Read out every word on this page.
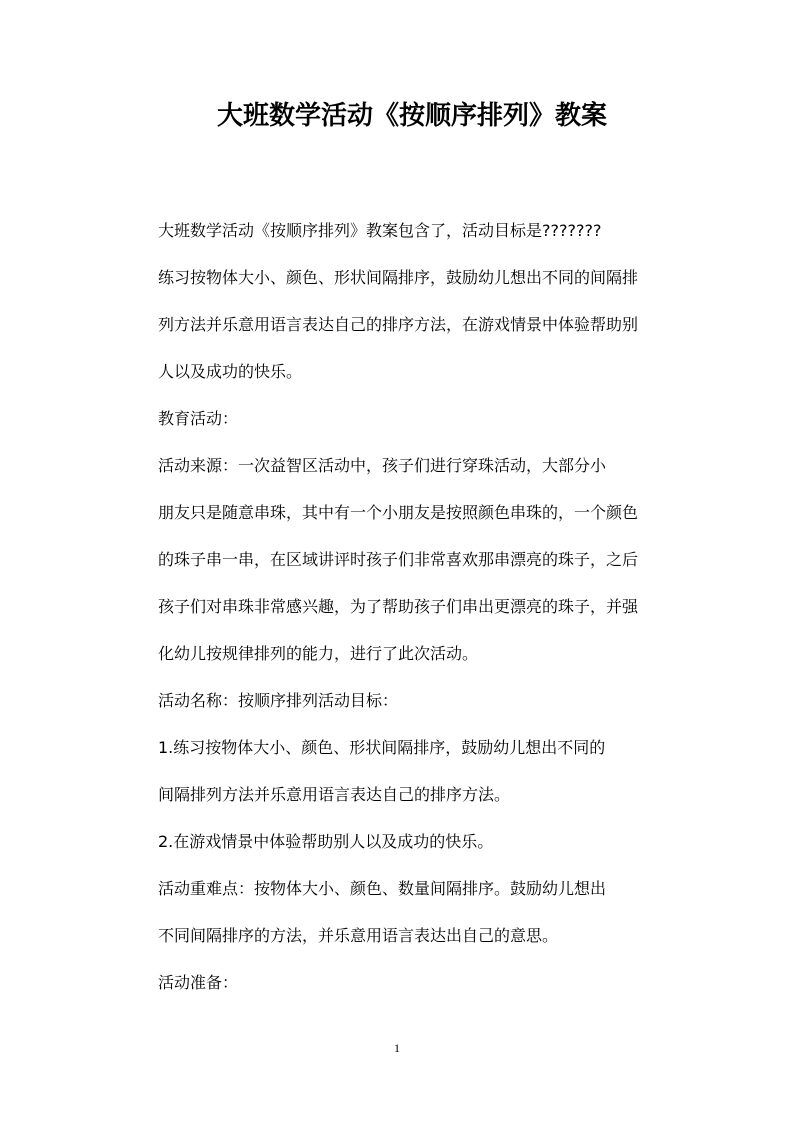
大班数学活动《按顺序排列》教案
大班数学活动《按顺序排列》教案包含了，活动目标是???????
练习按物体大小、颜色、形状间隔排序，鼓励幼儿想出不同的间隔排
列方法并乐意用语言表达自己的排序方法，在游戏情景中体验帮助别
人以及成功的快乐。
教育活动：
活动来源：一次益智区活动中，孩子们进行穿珠活动，大部分小
朋友只是随意串珠，其中有一个小朋友是按照颜色串珠的，一个颜色
的珠子串一串，在区域讲评时孩子们非常喜欢那串漂亮的珠子，之后
孩子们对串珠非常感兴趣，为了帮助孩子们串出更漂亮的珠子，并强
化幼儿按规律排列的能力，进行了此次活动。
活动名称：按顺序排列活动目标：
1.练习按物体大小、颜色、形状间隔排序，鼓励幼儿想出不同的
间隔排列方法并乐意用语言表达自己的排序方法。
2.在游戏情景中体验帮助别人以及成功的快乐。
活动重难点：按物体大小、颜色、数量间隔排序。鼓励幼儿想出
不同间隔排序的方法，并乐意用语言表达出自己的意思。
活动准备：
1
